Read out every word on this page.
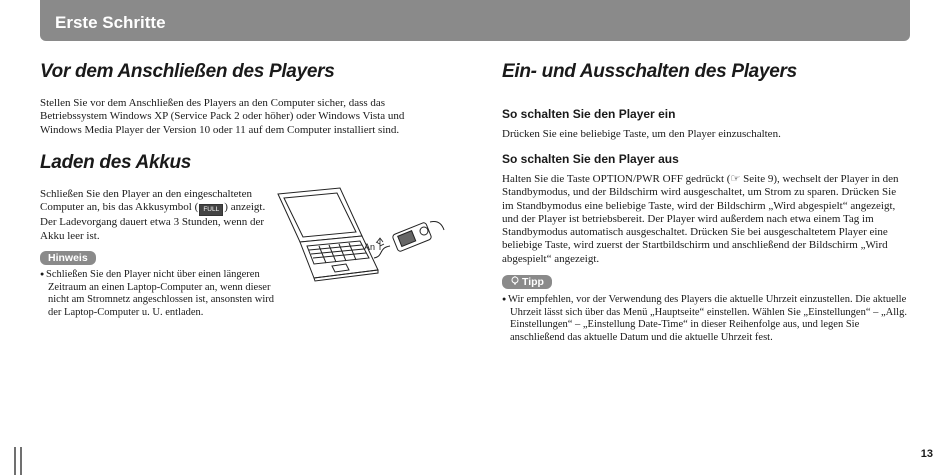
Erste Schritte
Vor dem Anschließen des Players

Stellen Sie vor dem Anschließen des Players an den Computer sicher, dass das Betriebssystem Windows XP (Service Pack 2 oder höher) oder Windows Vista und Windows Media Player der Version 10 oder 11 auf dem Computer installiert sind.

Laden des Akkus

Schließen Sie den Player an den eingeschalteten Computer an, bis das Akkusymbol ( FULL ) anzeigt. Der Ladevorgang dauert etwa 3 Stunden, wenn der Akku leer ist.

Hinweis
● Schließen Sie den Player nicht über einen längeren Zeitraum an einen Laptop-Computer an, wenn dieser nicht am Stromnetz angeschlossen ist, ansonsten wird der Laptop-Computer u. U. entladen.
An
Ein- und Ausschalten des Players
So schalten Sie den Player ein

Drücken Sie eine beliebige Taste, um den Player einzuschalten.

So schalten Sie den Player aus

Halten Sie die Taste OPTION/PWR OFF gedrückt (☞ Seite 9), wechselt der Player in den Standbymodus, und der Bildschirm wird ausgeschaltet, um Strom zu sparen. Drücken Sie im Standbymodus eine beliebige Taste, wird der Bildschirm „Wird abgespielt“ angezeigt, und der Player ist betriebsbereit. Der Player wird außerdem nach etwa einem Tag im Standbymodus automatisch ausgeschaltet. Drücken Sie bei ausgeschaltetem Player eine beliebige Taste, wird zuerst der Startbildschirm und anschließend der Bildschirm „Wird abgespielt“ angezeigt.

Tipp
● Wir empfehlen, vor der Verwendung des Players die aktuelle Uhrzeit einzustellen. Die aktuelle Uhrzeit lässt sich über das Menü „Hauptseite“ einstellen. Wählen Sie „Einstellungen“ – „Allg. Einstellungen“ – „Einstellung Date-Time“ in dieser Reihenfolge aus, und legen Sie anschließend das aktuelle Datum und die aktuelle Uhrzeit fest.
13
